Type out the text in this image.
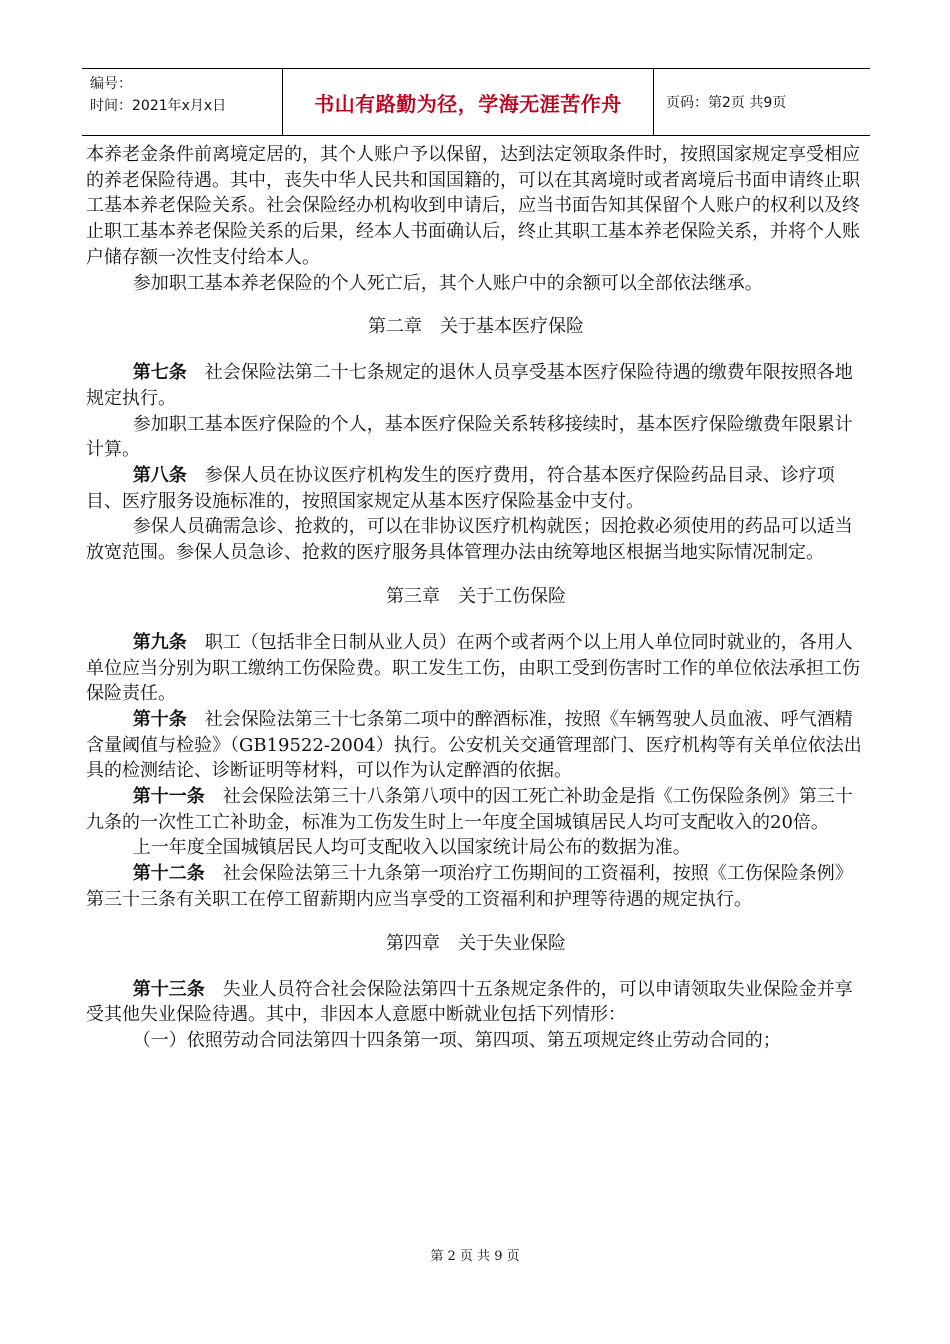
编号：
时间：2021年x月x日	书山有路勤为径，学海无涯苦作舟	页码：第2页 共9页

本养老金条件前离境定居的，其个人账户予以保留，达到法定领取条件时，按照国家规定享受相应的养老保险待遇。其中，丧失中华人民共和国国籍的，可以在其离境时或者离境后书面申请终止职工基本养老保险关系。社会保险经办机构收到申请后，应当书面告知其保留个人账户的权利以及终止职工基本养老保险关系的后果，经本人书面确认后，终止其职工基本养老保险关系，并将个人账户储存额一次性支付给本人。

参加职工基本养老保险的个人死亡后，其个人账户中的余额可以全部依法继承。

第二章　关于基本医疗保险

第七条　社会保险法第二十七条规定的退休人员享受基本医疗保险待遇的缴费年限按照各地规定执行。

参加职工基本医疗保险的个人，基本医疗保险关系转移接续时，基本医疗保险缴费年限累计计算。

第八条　参保人员在协议医疗机构发生的医疗费用，符合基本医疗保险药品目录、诊疗项目、医疗服务设施标准的，按照国家规定从基本医疗保险基金中支付。

参保人员确需急诊、抢救的，可以在非协议医疗机构就医；因抢救必须使用的药品可以适当放宽范围。参保人员急诊、抢救的医疗服务具体管理办法由统筹地区根据当地实际情况制定。

第三章　关于工伤保险

第九条　职工（包括非全日制从业人员）在两个或者两个以上用人单位同时就业的，各用人单位应当分别为职工缴纳工伤保险费。职工发生工伤，由职工受到伤害时工作的单位依法承担工伤保险责任。

第十条　社会保险法第三十七条第二项中的醉酒标准，按照《车辆驾驶人员血液、呼气酒精含量阈值与检验》（GB19522-2004）执行。公安机关交通管理部门、医疗机构等有关单位依法出具的检测结论、诊断证明等材料，可以作为认定醉酒的依据。

第十一条　社会保险法第三十八条第八项中的因工死亡补助金是指《工伤保险条例》第三十九条的一次性工亡补助金，标准为工伤发生时上一年度全国城镇居民人均可支配收入的20倍。

上一年度全国城镇居民人均可支配收入以国家统计局公布的数据为准。

第十二条　社会保险法第三十九条第一项治疗工伤期间的工资福利，按照《工伤保险条例》第三十三条有关职工在停工留薪期内应当享受的工资福利和护理等待遇的规定执行。

第四章　关于失业保险

第十三条　失业人员符合社会保险法第四十五条规定条件的，可以申请领取失业保险金并享受其他失业保险待遇。其中，非因本人意愿中断就业包括下列情形：

（一）依照劳动合同法第四十四条第一项、第四项、第五项规定终止劳动合同的；

第 2 页 共 9 页
